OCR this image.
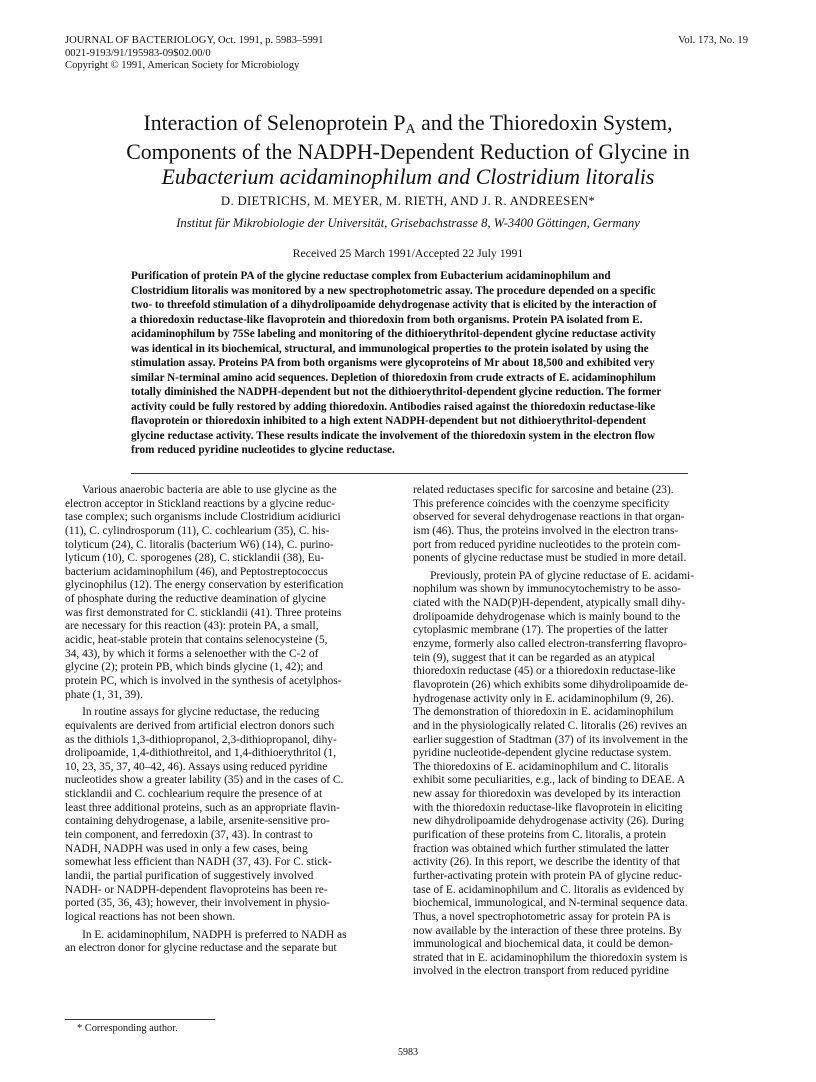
JOURNAL OF BACTERIOLOGY, Oct. 1991, p. 5983–5991
0021-9193/91/195983-09$02.00/0
Copyright © 1991, American Society for Microbiology
Vol. 173, No. 19
Interaction of Selenoprotein PA and the Thioredoxin System,
Components of the NADPH-Dependent Reduction of Glycine in
Eubacterium acidaminophilum and Clostridium litoralis
D. DIETRICHS, M. MEYER, M. RIETH, AND J. R. ANDREESEN*
Institut für Mikrobiologie der Universität, Grisebachstrasse 8, W-3400 Göttingen, Germany
Received 25 March 1991/Accepted 22 July 1991
Purification of protein PA of the glycine reductase complex from Eubacterium acidaminophilum and
Clostridium litoralis was monitored by a new spectrophotometric assay. The procedure depended on a specific
two- to threefold stimulation of a dihydrolipoamide dehydrogenase activity that is elicited by the interaction of
a thioredoxin reductase-like flavoprotein and thioredoxin from both organisms. Protein PA isolated from E.
acidaminophilum by 75Se labeling and monitoring of the dithioerythritol-dependent glycine reductase activity
was identical in its biochemical, structural, and immunological properties to the protein isolated by using the
stimulation assay. Proteins PA from both organisms were glycoproteins of Mr about 18,500 and exhibited very
similar N-terminal amino acid sequences. Depletion of thioredoxin from crude extracts of E. acidaminophilum
totally diminished the NADPH-dependent but not the dithioerythritol-dependent glycine reduction. The former
activity could be fully restored by adding thioredoxin. Antibodies raised against the thioredoxin reductase-like
flavoprotein or thioredoxin inhibited to a high extent NADPH-dependent but not dithioerythritol-dependent
glycine reductase activity. These results indicate the involvement of the thioredoxin system in the electron flow
from reduced pyridine nucleotides to glycine reductase.
  Various anaerobic bacteria are able to use glycine as the
electron acceptor in Stickland reactions by a glycine reduc-
tase complex; such organisms include Clostridium acidiurici
(11), C. cylindrosporum (11), C. cochlearium (35), C. his-
tolyticum (24), C. litoralis (bacterium W6) (14), C. purino-
lyticum (10), C. sporogenes (28), C. sticklandii (38), Eu-
bacterium acidaminophilum (46), and Peptostreptococcus
glycinophilus (12). The energy conservation by esterification
of phosphate during the reductive deamination of glycine
was first demonstrated for C. sticklandii (41). Three proteins
are necessary for this reaction (43): protein PA, a small,
acidic, heat-stable protein that contains selenocysteine (5,
34, 43), by which it forms a selenoether with the C-2 of
glycine (2); protein PB, which binds glycine (1, 42); and
protein PC, which is involved in the synthesis of acetylphos-
phate (1, 31, 39).
  In routine assays for glycine reductase, the reducing
equivalents are derived from artificial electron donors such
as the dithiols 1,3-dithiopropanol, 2,3-dithiopropanol, dihy-
drolipoamide, 1,4-dithiothreitol, and 1,4-dithioerythritol (1,
10, 23, 35, 37, 40–42, 46). Assays using reduced pyridine
nucleotides show a greater lability (35) and in the cases of C.
sticklandii and C. cochlearium require the presence of at
least three additional proteins, such as an appropriate flavin-
containing dehydrogenase, a labile, arsenite-sensitive pro-
tein component, and ferredoxin (37, 43). In contrast to
NADH, NADPH was used in only a few cases, being
somewhat less efficient than NADH (37, 43). For C. stick-
landii, the partial purification of suggestively involved
NADH- or NADPH-dependent flavoproteins has been re-
ported (35, 36, 43); however, their involvement in physio-
logical reactions has not been shown.
  In E. acidaminophilum, NADPH is preferred to NADH as
an electron donor for glycine reductase and the separate but
related reductases specific for sarcosine and betaine (23).
This preference coincides with the coenzyme specificity
observed for several dehydrogenase reactions in that organ-
ism (46). Thus, the proteins involved in the electron trans-
port from reduced pyridine nucleotides to the protein com-
ponents of glycine reductase must be studied in more detail.
  Previously, protein PA of glycine reductase of E. acidami-
nophilum was shown by immunocytochemistry to be asso-
ciated with the NAD(P)H-dependent, atypically small dihy-
drolipoamide dehydrogenase which is mainly bound to the
cytoplasmic membrane (17). The properties of the latter
enzyme, formerly also called electron-transferring flavopro-
tein (9), suggest that it can be regarded as an atypical
thioredoxin reductase (45) or a thioredoxin reductase-like
flavoprotein (26) which exhibits some dihydrolipoamide de-
hydrogenase activity only in E. acidaminophilum (9, 26).
The demonstration of thioredoxin in E. acidaminophilum
and in the physiologically related C. litoralis (26) revives an
earlier suggestion of Stadtman (37) of its involvement in the
pyridine nucleotide-dependent glycine reductase system.
The thioredoxins of E. acidaminophilum and C. litoralis
exhibit some peculiarities, e.g., lack of binding to DEAE. A
new assay for thioredoxin was developed by its interaction
with the thioredoxin reductase-like flavoprotein in eliciting
new dihydrolipoamide dehydrogenase activity (26). During
purification of these proteins from C. litoralis, a protein
fraction was obtained which further stimulated the latter
activity (26). In this report, we describe the identity of that
further-activating protein with protein PA of glycine reduc-
tase of E. acidaminophilum and C. litoralis as evidenced by
biochemical, immunological, and N-terminal sequence data.
Thus, a novel spectrophotometric assay for protein PA is
now available by the interaction of these three proteins. By
immunological and biochemical data, it could be demon-
strated that in E. acidaminophilum the thioredoxin system is
involved in the electron transport from reduced pyridine
* Corresponding author.
5983
